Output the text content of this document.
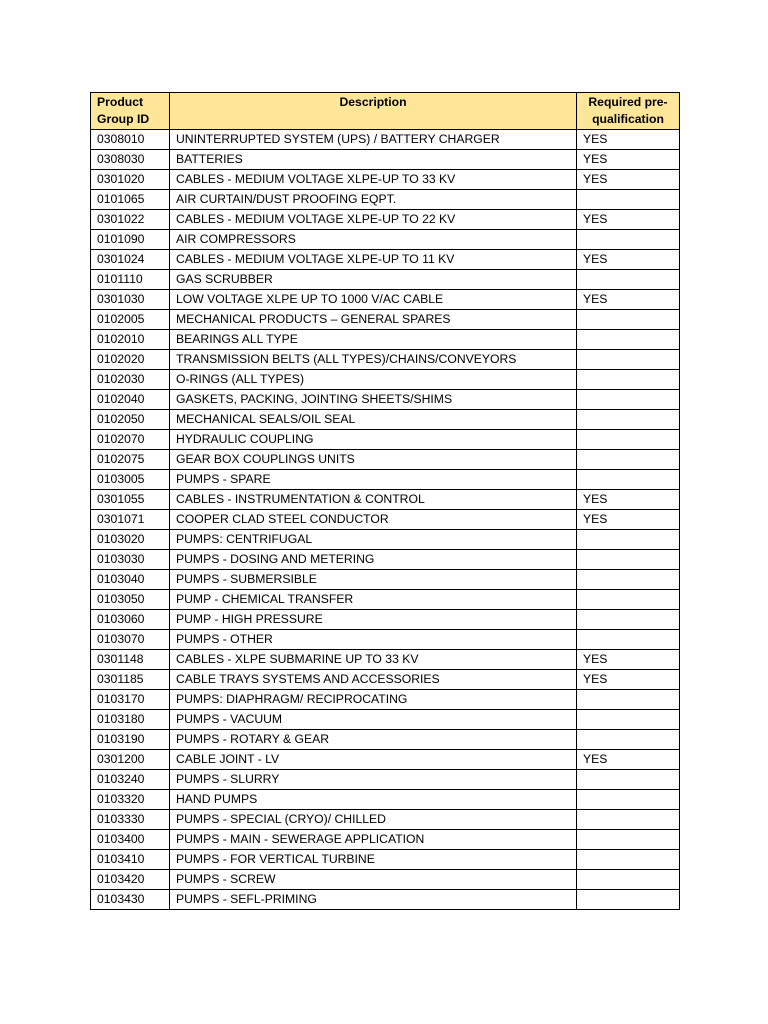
Product Group ID	Description	Required pre-qualification
0308010	UNINTERRUPTED SYSTEM (UPS) / BATTERY CHARGER	YES
0308030	BATTERIES	YES
0301020	CABLES - MEDIUM VOLTAGE XLPE-UP TO 33 KV	YES
0101065	AIR CURTAIN/DUST PROOFING EQPT.	
0301022	CABLES - MEDIUM VOLTAGE XLPE-UP TO 22 KV	YES
0101090	AIR COMPRESSORS	
0301024	CABLES - MEDIUM VOLTAGE XLPE-UP TO 11 KV	YES
0101110	GAS SCRUBBER	
0301030	LOW VOLTAGE XLPE UP TO 1000 V/AC CABLE	YES
0102005	MECHANICAL PRODUCTS – GENERAL SPARES	
0102010	BEARINGS ALL TYPE	
0102020	TRANSMISSION BELTS (ALL TYPES)/CHAINS/CONVEYORS	
0102030	O-RINGS (ALL TYPES)	
0102040	GASKETS, PACKING, JOINTING SHEETS/SHIMS	
0102050	MECHANICAL SEALS/OIL SEAL	
0102070	HYDRAULIC COUPLING	
0102075	GEAR BOX COUPLINGS UNITS	
0103005	PUMPS - SPARE	
0301055	CABLES - INSTRUMENTATION & CONTROL	YES
0301071	COOPER CLAD STEEL CONDUCTOR	YES
0103020	PUMPS: CENTRIFUGAL	
0103030	PUMPS - DOSING AND METERING	
0103040	PUMPS - SUBMERSIBLE	
0103050	PUMP - CHEMICAL TRANSFER	
0103060	PUMP - HIGH PRESSURE	
0103070	PUMPS - OTHER	
0301148	CABLES - XLPE SUBMARINE UP TO 33 KV	YES
0301185	CABLE TRAYS SYSTEMS AND ACCESSORIES	YES
0103170	PUMPS: DIAPHRAGM/ RECIPROCATING	
0103180	PUMPS - VACUUM	
0103190	PUMPS - ROTARY & GEAR	
0301200	CABLE JOINT - LV	YES
0103240	PUMPS - SLURRY	
0103320	HAND PUMPS	
0103330	PUMPS - SPECIAL (CRYO)/ CHILLED	
0103400	PUMPS - MAIN - SEWERAGE APPLICATION	
0103410	PUMPS - FOR VERTICAL TURBINE	
0103420	PUMPS - SCREW	
0103430	PUMPS - SEFL-PRIMING	
